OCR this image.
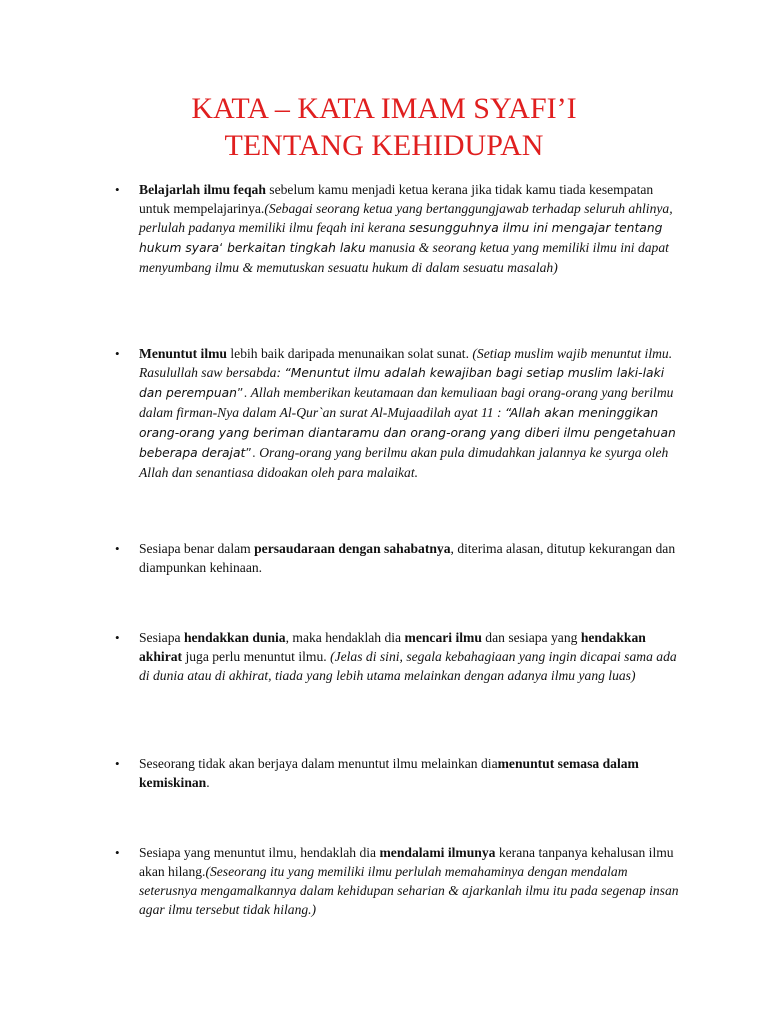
KATA – KATA IMAM SYAFI’I
TENTANG KEHIDUPAN
• Belajarlah ilmu feqah sebelum kamu menjadi ketua kerana jika tidak kamu tiada kesempatan untuk mempelajarinya.(Sebagai seorang ketua yang bertanggungjawab terhadap seluruh ahlinya, perlulah padanya memiliki ilmu feqah ini kerana sesungguhnya ilmu ini mengajar tentang hukum syara‘ berkaitan tingkah laku manusia & seorang ketua yang memiliki ilmu ini dapat menyumbang ilmu & memutuskan sesuatu hukum di dalam sesuatu masalah)
• Menuntut ilmu lebih baik daripada menunaikan solat sunat. (Setiap muslim wajib menuntut ilmu. Rasulullah saw bersabda: “Menuntut ilmu adalah kewajiban bagi setiap muslim laki-laki dan perempuan”. Allah memberikan keutamaan dan kemuliaan bagi orang-orang yang berilmu dalam firman-Nya dalam Al-Qur`an surat Al-Mujaadilah ayat 11 : “Allah akan meninggikan orang-orang yang beriman diantaramu dan orang-orang yang diberi ilmu pengetahuan beberapa derajat”. Orang-orang yang berilmu akan pula dimudahkan jalannya ke syurga oleh Allah dan senantiasa didoakan oleh para malaikat.
• Sesiapa benar dalam persaudaraan dengan sahabatnya, diterima alasan, ditutup kekurangan dan diampunkan kehinaan.
• Sesiapa hendakkan dunia, maka hendaklah dia mencari ilmu dan sesiapa yang hendakkan akhirat juga perlu menuntut ilmu. (Jelas di sini, segala kebahagiaan yang ingin dicapai sama ada di dunia atau di akhirat, tiada yang lebih utama melainkan dengan adanya ilmu yang luas)
• Seseorang tidak akan berjaya dalam menuntut ilmu melainkan diamenuntut semasa dalam kemiskinan.
• Sesiapa yang menuntut ilmu, hendaklah dia mendalami ilmunya kerana tanpanya kehalusan ilmu akan hilang.(Seseorang itu yang memiliki ilmu perlulah memahaminya dengan mendalam seterusnya mengamalkannya dalam kehidupan seharian & ajarkanlah ilmu itu pada segenap insan agar ilmu tersebut tidak hilang.)
